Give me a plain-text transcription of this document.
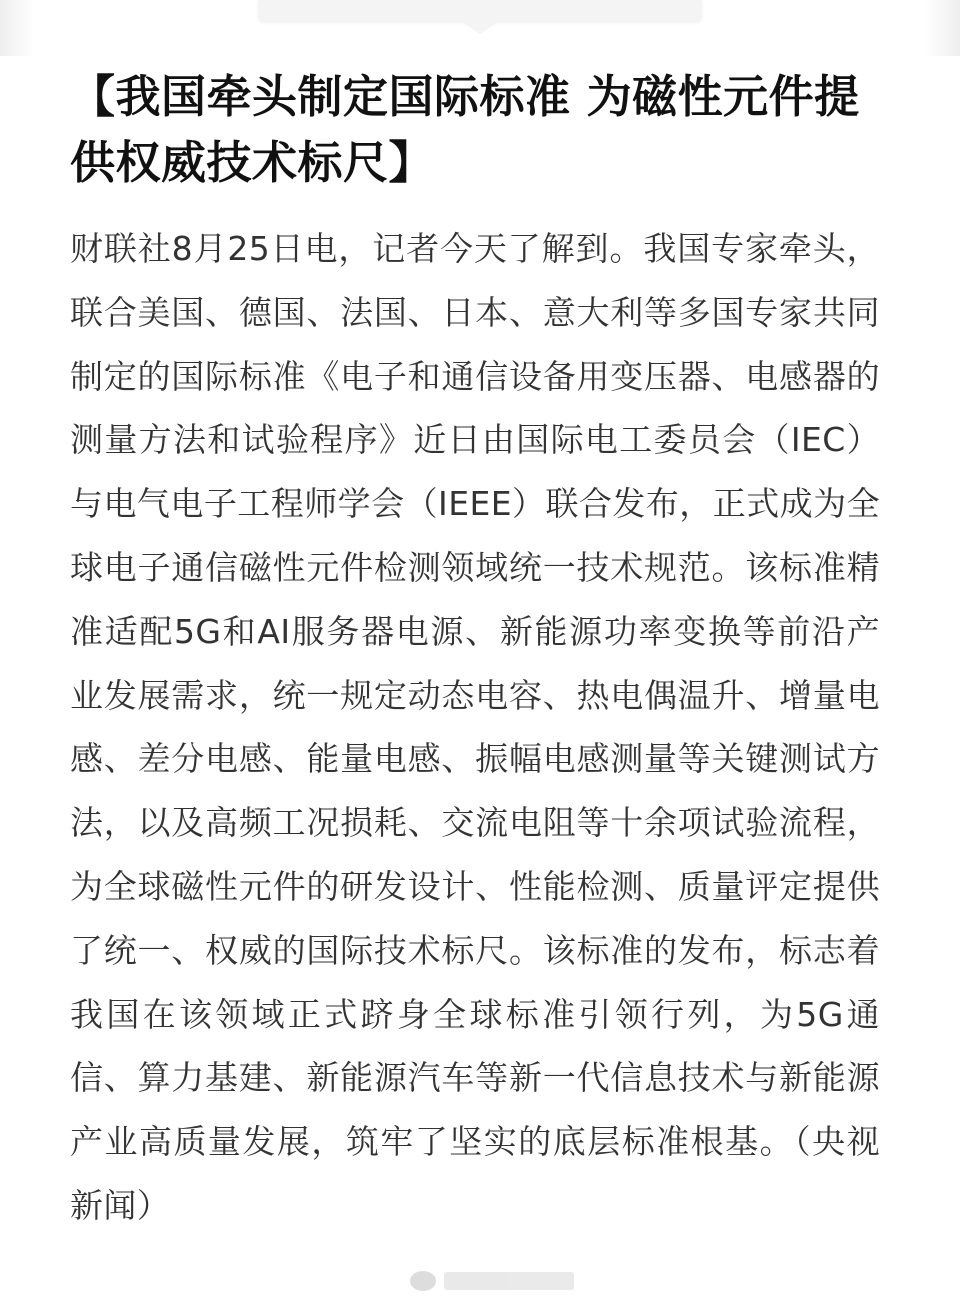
【我国牵头制定国际标准 为磁性元件提供权威技术标尺】

财联社8月25日电，记者今天了解到。我国专家牵头，联合美国、德国、法国、日本、意大利等多国专家共同制定的国际标准《电子和通信设备用变压器、电感器的测量方法和试验程序》近日由国际电工委员会（IEC）与电气电子工程师学会（IEEE）联合发布，正式成为全球电子通信磁性元件检测领域统一技术规范。该标准精准适配5G和AI服务器电源、新能源功率变换等前沿产业发展需求，统一规定动态电容、热电偶温升、增量电感、差分电感、能量电感、振幅电感测量等关键测试方法，以及高频工况损耗、交流电阻等十余项试验流程，为全球磁性元件的研发设计、性能检测、质量评定提供了统一、权威的国际技术标尺。该标准的发布，标志着我国在该领域正式跻身全球标准引领行列，为5G通信、算力基建、新能源汽车等新一代信息技术与新能源产业高质量发展，筑牢了坚实的底层标准根基。（央视新闻）
